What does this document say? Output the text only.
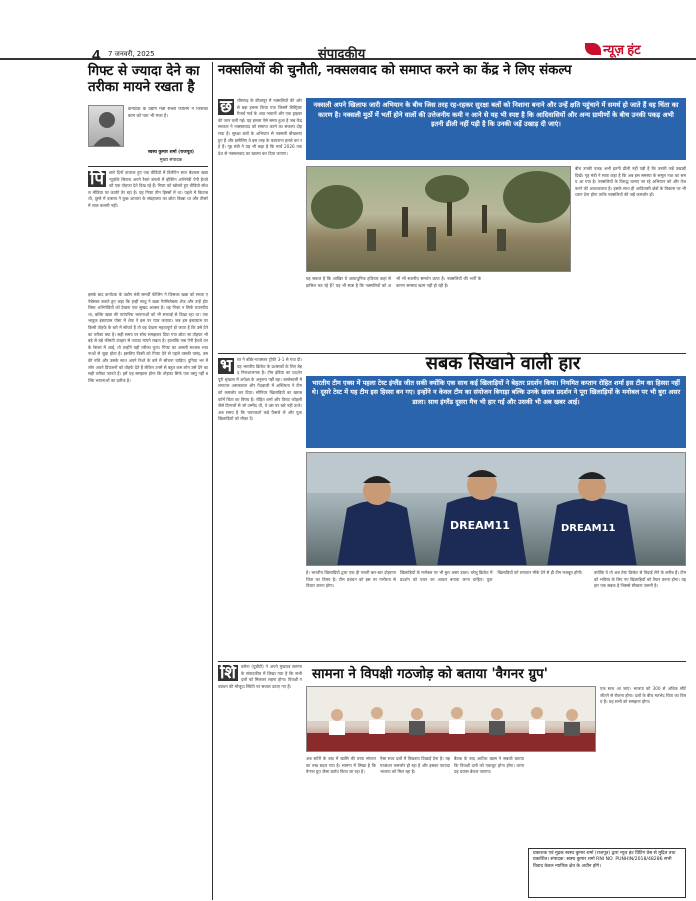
4 7 जनवरी, 2025	संपादकीय	न्यूज़ हंट
गिफ्ट से ज्यादा देने का तरीका मायने रखता है
कर्नाटक के उद्योग मंत्री सच्ची फीलिंग ने जिसका काम को पता भी मजा है।
स्वस्थ कुमार शर्मा (राजपूत)
मुख्य संपादक
पि	छले दिनों वायरल हुए एक वीडियो में विलेटिन स्टार बेवकम खन्ना न्यूयॉर्क सिवाय अपने रैस्तां बंगलो में होस्टिंग अभिनेत्री ऐनी हैथवे को एक तोहफा देते दिख रहे हैं। गिफ्ट को खोलते हुए वीडियो सोशल मीडिया पर काफी तेर रहा है। यह गिफ्ट तीन हिस्सों में था। पहले में किताब थी, दूसरे में वास्तव ने कुछ आवारा के संग्रहालय का छोटा डिब्बा था और तीसरे में लाल कलमी नहीं।
इसके बाद कर्नाटक के उद्योग मंत्री समर्थी फीलिंग ने जिसका खन्ना को सच्चा एनेबेसडर बताते हुए कहा कि इन्हीं साधु ने खन्ना गैरसिलेबस्ट शेफ और उन्हें होटलिस्ट अभिनेत्रियों को देखना एक सुखद अवसर है। वह गिफ्ट न सिर्फ चयनपीय था, बल्कि खन्ना की पारंपरिक भावनाओं को भी सच्चाई से दिखा रहा था। एक भावुक इंस्टाग्राम पोस्ट में शेफ ने इस पर प्यार जताया। जब हम इंस्टाग्राम पर किसी तोहफे के बारे में सोचते हैं तो यह देखना महत्वपूर्ण हो जाता है कि उसे देने का तरीका क्या है। सही समय पर सोच समझकर दिया गया छोटा सा तोहफा भी बड़े से बड़े कीमती उपहार से ज्यादा मायने रखता है। हालांकि जब ऐनी हैथवे उनके रेस्तरां में आई, तो उन्होंने यही तरीका चुना। गिफ्ट का असली मतलब भावनाओं से जुड़ा होता है। इसलिए किसी को गिफ्ट देने से पहले उसकी पसंद, उसकी रुचि और उसके साथ अपने रिश्ते के बारे में सोचना चाहिए। दुनिया भर में लोग अपने प्रियजनों को तोहफे देते हैं लेकिन उनमें से बहुत कम लोग उसे देने का सही तरीका जानते हैं। हमें यह समझना होगा कि तोहफा सिर्फ एक वस्तु नहीं बल्कि भावनाओं का प्रतीक है।
नक्सलियों की चुनौती, नक्सलवाद को समाप्त करने का केंद्र ने लिए संकल्प
छ	त्तीसगढ़ के बीजापुर में नक्सलियों की ओर से बड़ा हमला किया गया जिसमें डिस्ट्रिक्ट रिजर्व गार्ड के आठ जवानों और एक ड्राइवर की जान चली गई। यह हमला ऐसे समय हुआ है जब केंद्र सरकार ने नक्सलवाद को समाप्त करने का संकल्प दोहराया है। सुरक्षा बलों के अभियान से नक्सली बौखलाए हुए हैं और इसीलिए वे इस तरह के कायराना हमले कर रहे हैं। गृह मंत्री ने यह भी कहा है कि मार्च 2026 तक देश से नक्सलवाद का खात्मा कर दिया जाएगा।
नक्सली अपने खिलाफ जारी अभियान के बीच जिस तरह रह-रहकर सुरक्षा बलों को निशाना बनाने और उन्हें क्षति पहुंचाने में समर्थ हो जाते हैं वह चिंता का कारण है। नक्सली मुठों में भर्ती होने वालों की उत्तेजनीय कमी न आने से यह भी स्पष्ट है कि आदिवासियों और अन्य ग्रामीणों के बीच उनकी पकड़ अभी इतनी ढीली नहीं पड़ी है कि उनकी जड़ें उखाड़ दी जाएं।
यह सवाल है कि आखिर ये अत्याधुनिक हथियार कहां से हासिल कर रहे हैं? यह भी स्पष्ट है कि नक्सलियों को अभी भी स्थानीय समर्थन प्राप्त है। नक्सलियों की भर्ती के कारण समस्या खत्म नहीं हो रही है।
बीच उनकी पकड़ अभी इतनी ढीली नहीं पड़ी है कि उनकी जड़ें उखाड़ी दिखें। गृह मंत्री ने साफ कहा है कि अब इस समस्या के समूल नाश का समय आ गया है। नक्सलियों के विरुद्ध चलाए जा रहे अभियान को और तेज करने की आवश्यकता है। इसके साथ ही आदिवासी क्षेत्रों के विकास पर भी ध्यान देना होगा ताकि नक्सलियों की जड़ें कमजोर हों।
भ	रत ने बॉर्डर-गावस्कर ट्रॉफी 3-1 से गंवा दी। यह भारतीय क्रिकेट के प्रशंसकों के लिए बेहद निराशाजनक है। टीम इंडिया का प्रदर्शन पूरी श्रृंखला में अपेक्षा के अनुरूप नहीं रहा। बल्लेबाजी में लगातार असफलता और गेंदबाजी में अस्थिरता ने टीम को कमजोर कर दिया। सीनियर खिलाड़ियों का खराब फॉर्म चिंता का विषय है। रोहित शर्मा और विराट कोहली जैसे दिग्गजों से जो उम्मीद थी, वे उस पर खरे नहीं उतरे। अब समय है कि चयनकर्ता कड़े फैसले लें और युवा खिलाड़ियों को मौका दें।
सबक सिखाने वाली हार
भारतीय टीम एक्स में पहला टेस्ट इंग्लैंड जीत सकी क्योंकि एक साथ कई खिलाड़ियों ने बेहतर प्रदर्शन किया। नियमित कप्तान रोहित शर्मा इस टीम का हिस्सा नहीं थे। दूसरे टेस्ट में यह टीम इस हिस्सा बन गए। इन्होंने न केवल टीम का संयोजन बिगाड़ा बल्कि उनके खराब प्रदर्शन ने पूरा खिलाड़ियों के मनोबल पर भी बुरा असर डाला। साथ इंग्लैंड दूसरा मैच भी हार गई और उसकी भी अब खबर आई।
DREAM11	DREAM11
है। भारतीय खिलाड़ियों द्वारा एक ही गलती बार-बार दोहराना चिंता का विषय है। टीम प्रबंधन को इस पर गंभीरता से विचार करना होगा।
खिलाड़ियों के मनोबल पर भी बुरा असर डाला। घरेलू क्रिकेट में प्रदर्शन को चयन का आधार बनाया जाना चाहिए। युवा खिलाड़ियों को लगातार मौके देने से ही टीम मजबूत होगी।	क्योंकि वे तो अब टेस्ट क्रिकेट से विदाई लेने के करीब हैं। टीम को भविष्य के लिए नए खिलाड़ियों को तैयार करना होगा। यह हार एक सबक है जिससे सीखना जरूरी है।
शि	वसेना (यूबीटी) ने अपने मुखपत्र सामना के संपादकीय में लिखा गया है कि सभी दलों को मिलकर लड़ना होगा। विपक्षी गठबंधन की मौजूदा स्थिति पर सवाल उठाए गए हैं।
सामना ने विपक्षी गठजोड़ को बताया 'वैगनर ग्रुप'
अब स्टोरी के बाद में खासि की तरफ संगठन का रुख बदल गया है। सामना में लिखा है कि वैगनर ग्रुप जैसा बर्ताव किया जा रहा है।
ऐसा साथ दलों में विखराव दिखाई देना है। यह गठबंधन कमजोर हो रहा है और इसका फायदा भाजपा को मिल रहा है।
बैठक के बाद आतिश खास ने सबको बताया कि विपक्षी दलों को एकजुट होना होगा। वरना यह प्रयास बेकार जाएगा।
एक साथ आ जाएं। भाजपा को 300 से अधिक सीटें जीतने से रोकना होगा। दलों के बीच मतभेद चिंता का विषय है। यह सभी को समझना होगा।
प्रकाशक एवं मुद्रक स्वस्थ कुमार शर्मा (राजपूत) द्वारा न्यूज हंट प्रिंटिंग प्रेस से मुद्रित तथा प्रकाशित। संपादक: स्वस्थ कुमार शर्मा RNI NO. PUNHIN/2018/48286 सभी विवाद केवल न्यायिक क्षेत्र के अधीन होंगे।
